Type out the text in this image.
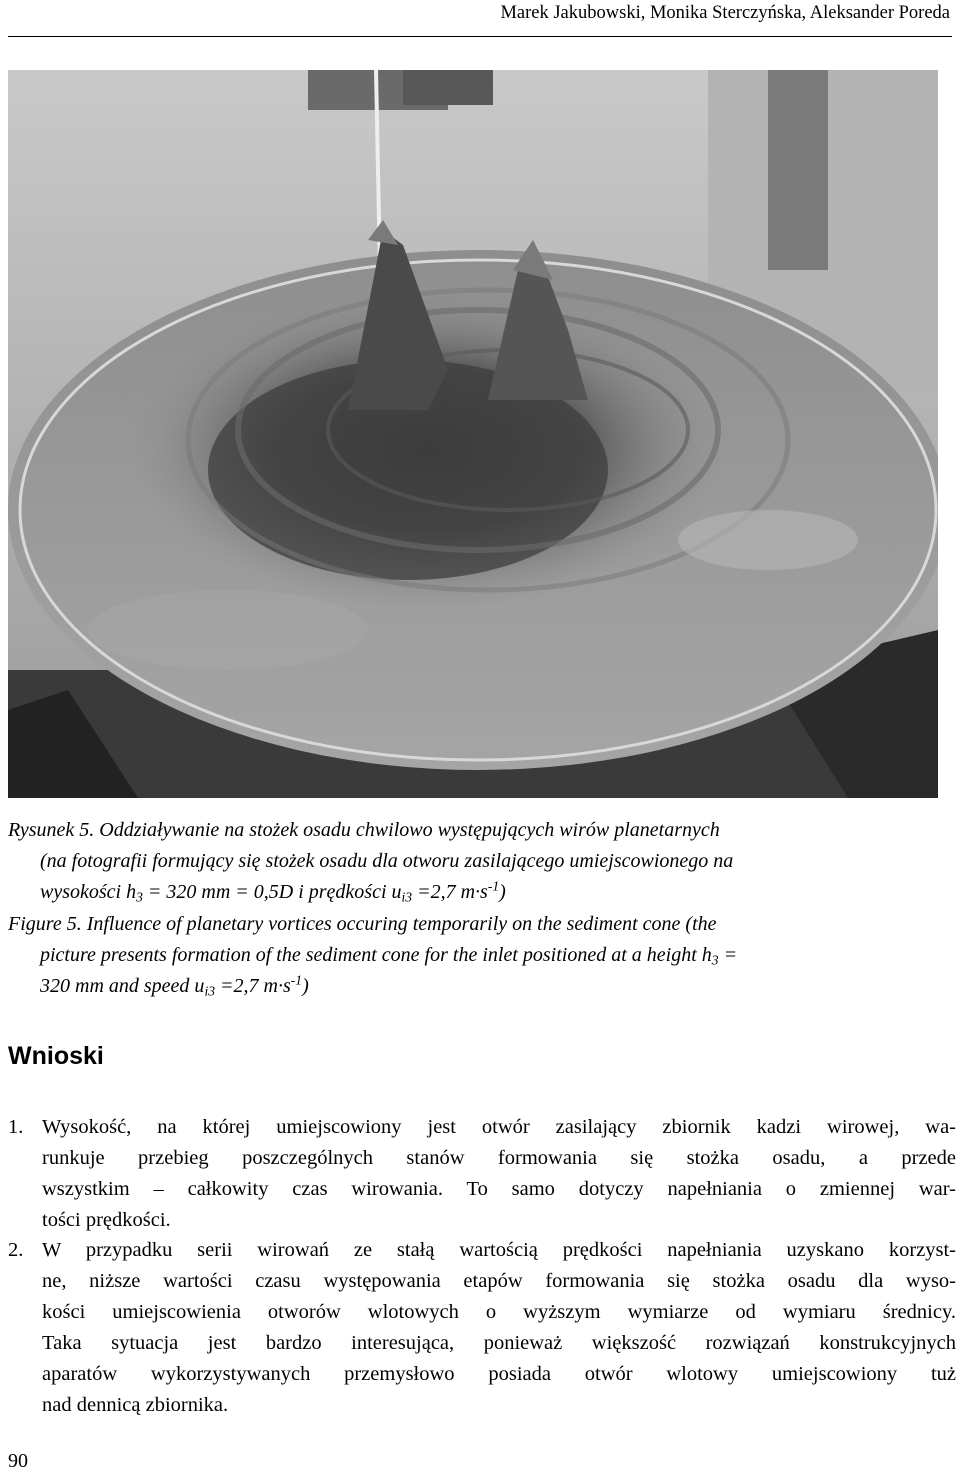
Marek Jakubowski, Monika Sterczyńska, Aleksander Poreda
Rysunek 5. Oddziaływanie na stożek osadu chwilowo występujących wirów planetarnych
(na fotografii formujący się stożek osadu dla otworu zasilającego umiejscowionego na
wysokości $h_3 = 320$ mm = 0,5D i prędkości $u_{i3} =2,7$ $m\cdot s^{-1}$)
Figure 5. Influence of planetary vortices occuring temporarily on the sediment cone (the
picture presents formation of the sediment cone for the inlet positioned at a height $h_3$ =
320 mm and speed $u_{i3} =2,7$ $m\cdot s^{-1}$)
Wnioski
1. Wysokość, na której umiejscowiony jest otwór zasilający zbiornik kadzi wirowej, wa-
runkuje przebieg poszczególnych stanów formowania się stożka osadu, a przede
wszystkim – całkowity czas wirowania. To samo dotyczy napełniania o zmiennej war-
tości prędkości.
2. W przypadku serii wirowań ze stałą wartością prędkości napełniania uzyskano korzyst-
ne, niższe wartości czasu występowania etapów formowania się stożka osadu dla wyso-
kości umiejscowienia otworów wlotowych o wyższym wymiarze od wymiaru średnicy.
Taka sytuacja jest bardzo interesująca, ponieważ większość rozwiązań konstrukcyjnych
aparatów wykorzystywanych przemysłowo posiada otwór wlotowy umiejscowiony tuż
nad dennicą zbiornika.
90
